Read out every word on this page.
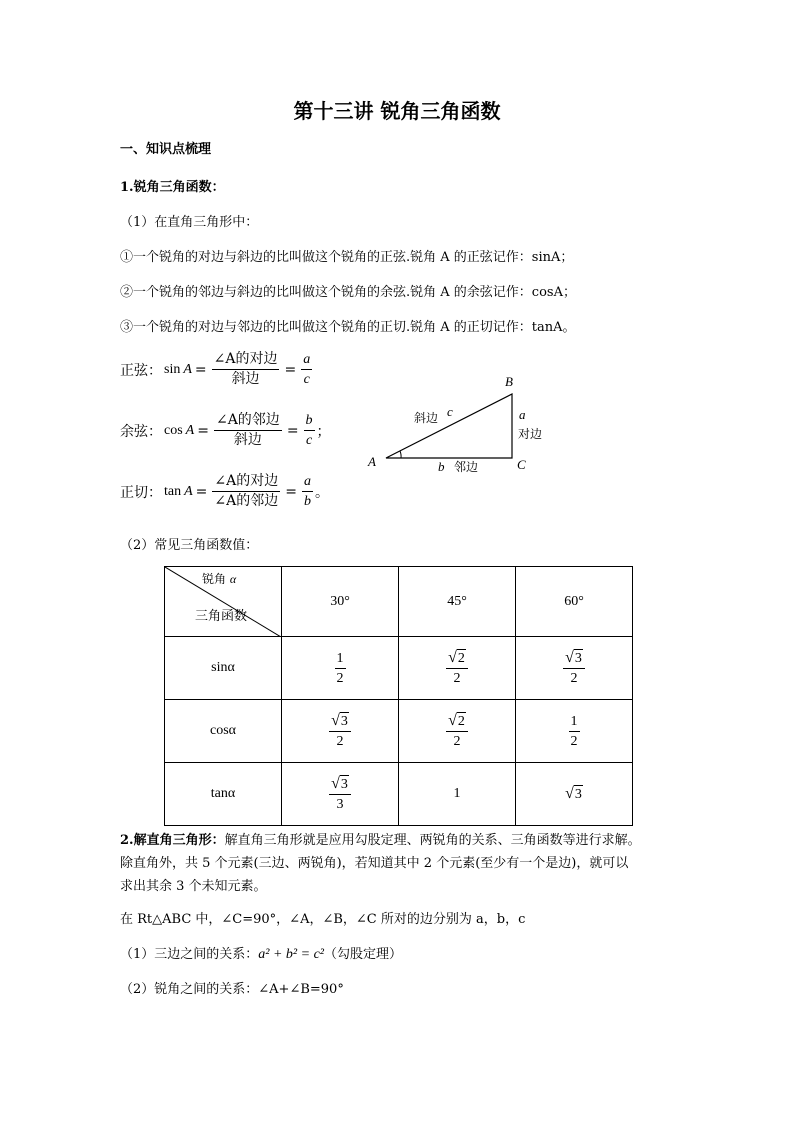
第十三讲 锐角三角函数
一、知识点梳理
1.锐角三角函数：
（1）在直角三角形中：
①一个锐角的对边与斜边的比叫做这个锐角的正弦.锐角 A 的正弦记作：sinA；
②一个锐角的邻边与斜边的比叫做这个锐角的余弦.锐角 A 的余弦记作：cosA；
③一个锐角的对边与邻边的比叫做这个锐角的正切.锐角 A 的正切记作：tanA。
正弦： $\sin A = \frac{\text{∠A的对边}}{\text{斜边}} = \frac{a}{c}$
余弦： $\cos A = \frac{\text{∠A的邻边}}{\text{斜边}} = \frac{b}{c}$ ；
正切： $\tan A = \frac{\text{∠A的对边}}{\text{∠A的邻边}} = \frac{a}{b}$ 。
A
B
C
斜边 c	a
对边
b 邻边
（2）常见三角函数值：
锐角 α
三角函数	30°	45°	60°
sinα	$\frac{1}{2}$	$\frac{√ 2}{2}$	$\frac{√ 3}{2}$

cosα	$\frac{√ 3}{2}$	$\frac{√ 2}{2}$	$\frac{1}{2}$

tanα	$\frac{√ 3}{3}$	1	√ 3
2.解直角三角形：解直角三角形就是应用勾股定理、两锐角的关系、三角函数等进行求解。
除直角外，共 5 个元素(三边、两锐角)，若知道其中 2 个元素(至少有一个是边)，就可以
求出其余 3 个未知元素。
在 Rt△ABC 中，∠C=90°，∠A，∠B，∠C 所对的边分别为 a，b，c
（1）三边之间的关系：a² + b² = c²（勾股定理）
（2）锐角之间的关系：∠A+∠B=90°
